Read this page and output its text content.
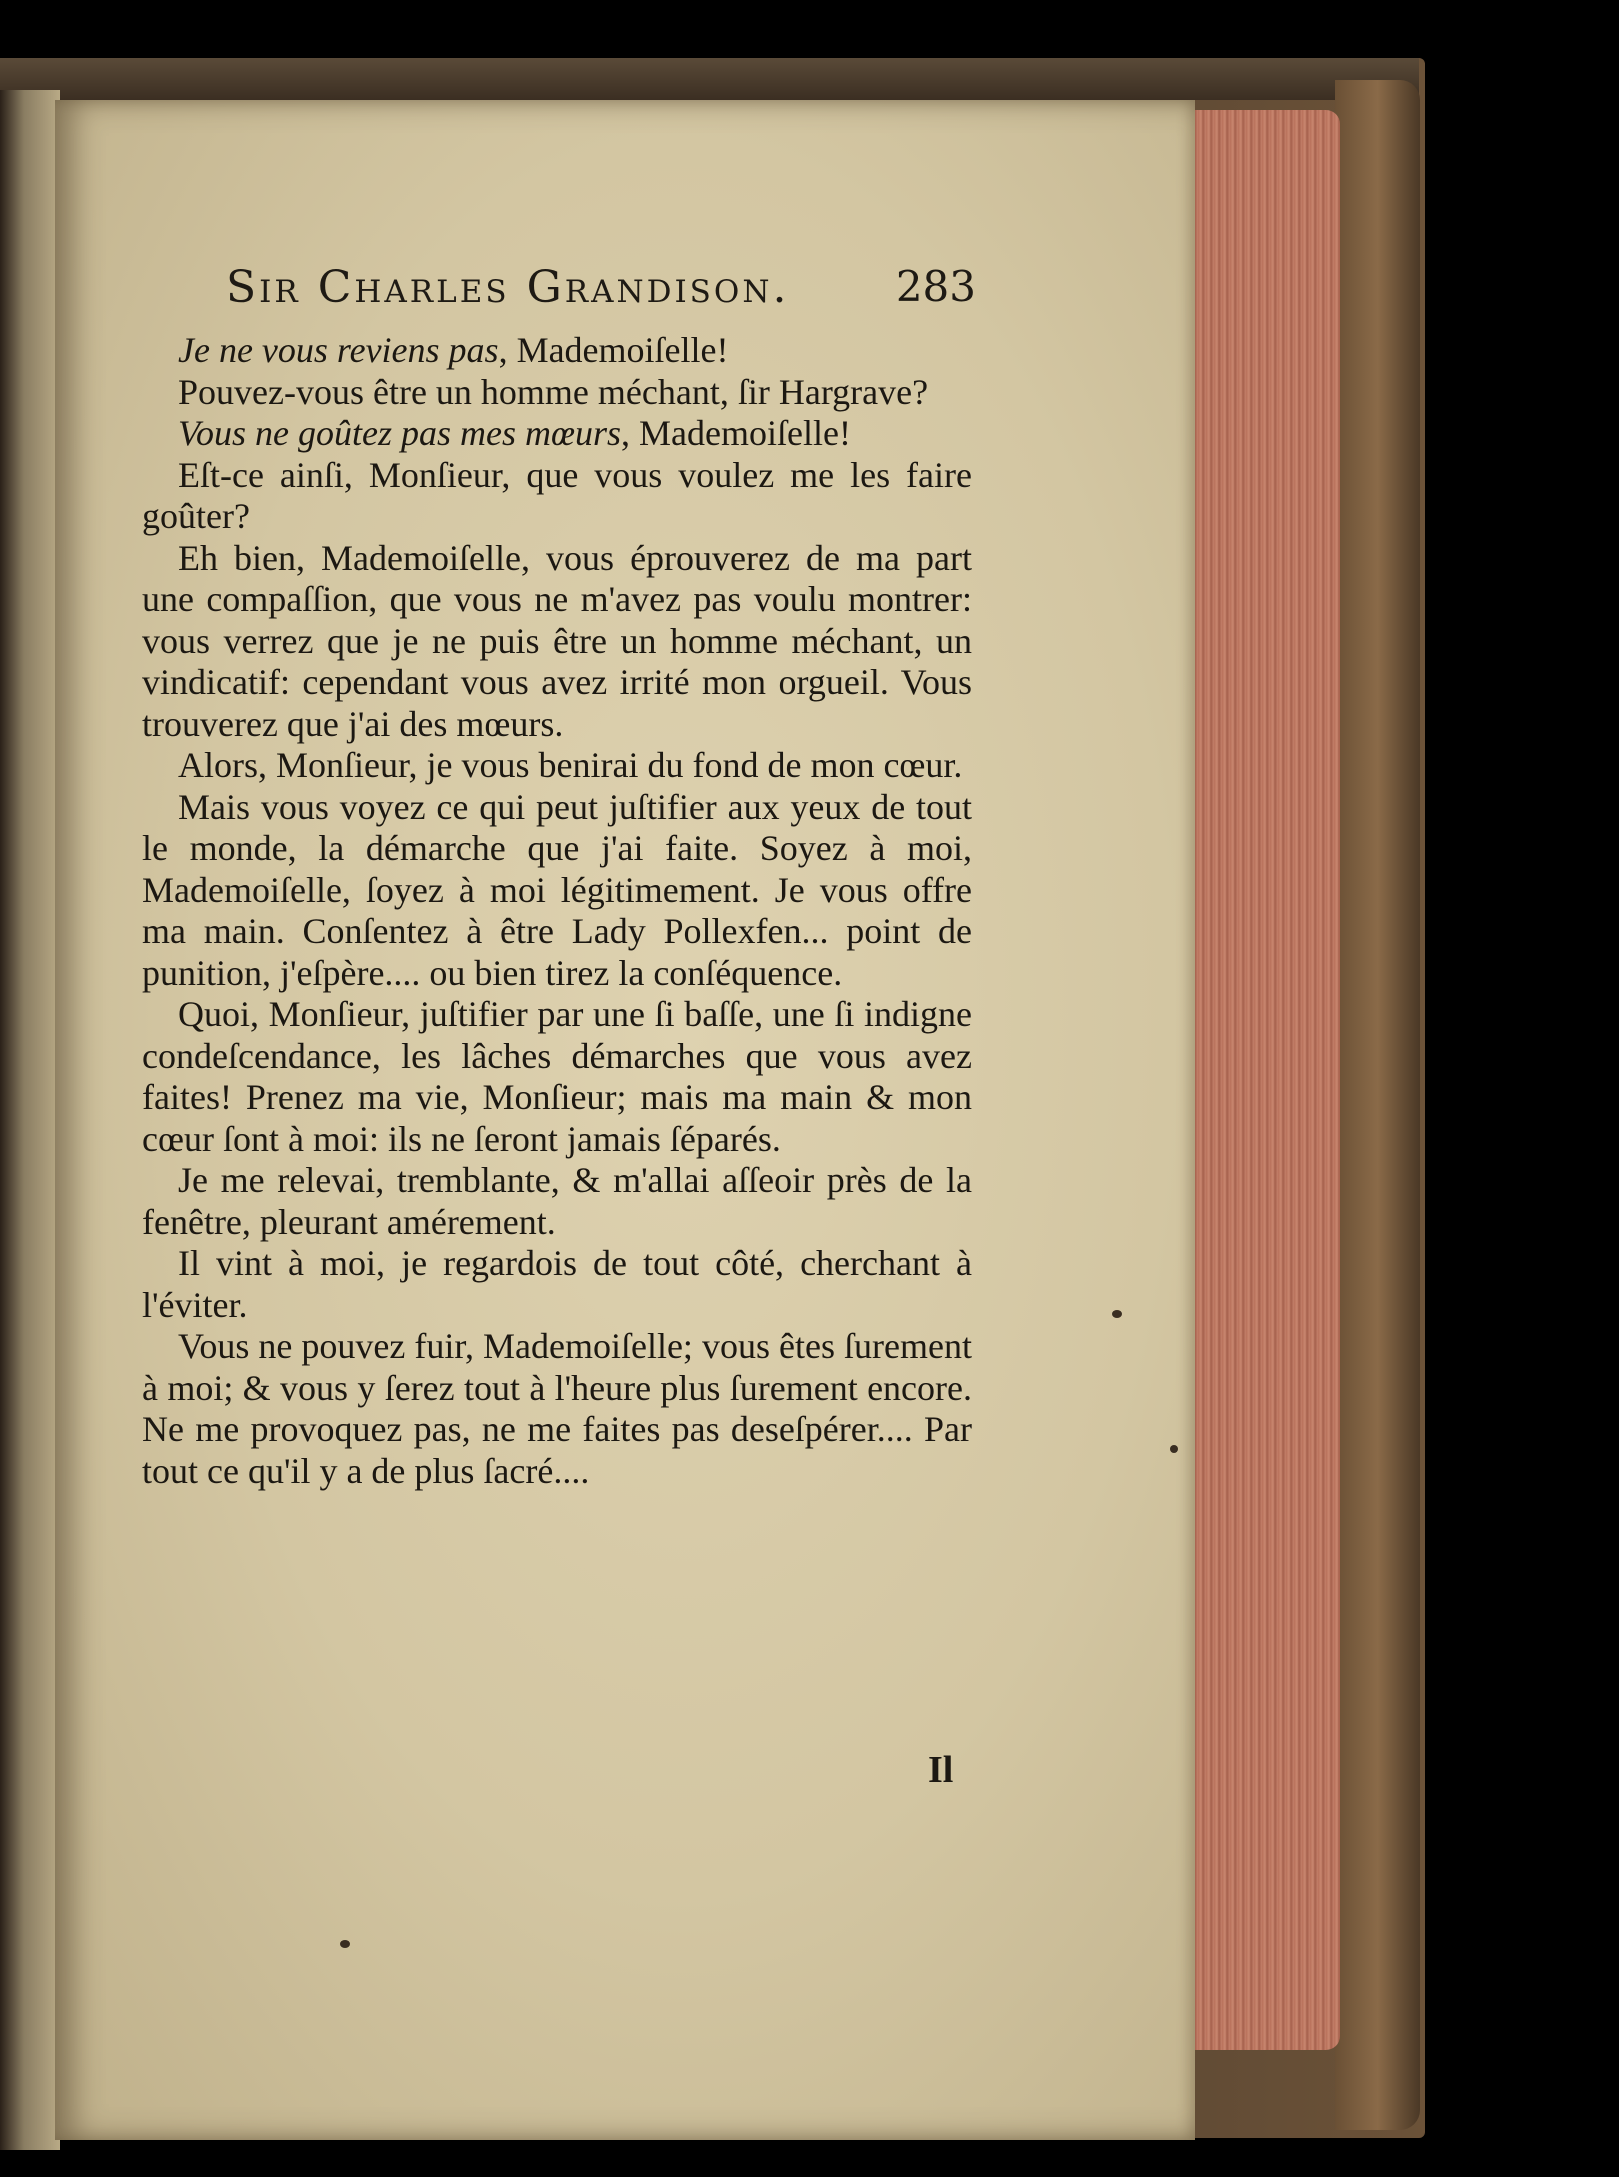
Sir Charles Grandison.	283

Je ne vous reviens pas, Mademoiſelle!

Pouvez-vous être un homme méchant, ſir Hargrave?

Vous ne goûtez pas mes mœurs, Mademoiſelle!

Eſt-ce ainſi, Monſieur, que vous voulez me les faire goûter?

Eh bien, Mademoiſelle, vous éprouverez de ma part une compaſſion, que vous ne m'avez pas voulu montrer: vous verrez que je ne puis être un homme méchant, un vindicatif: cependant vous avez irrité mon orgueil. Vous trouverez que j'ai des mœurs.

Alors, Monſieur, je vous benirai du fond de mon cœur.

Mais vous voyez ce qui peut juſtifier aux yeux de tout le monde, la démarche que j'ai faite. Soyez à moi, Mademoiſelle, ſoyez à moi légitimement. Je vous offre ma main. Conſentez à être Lady Pollexfen... point de punition, j'eſpère.... ou bien tirez la conſéquence.

Quoi, Monſieur, juſtifier par une ſi baſſe, une ſi indigne condeſcendance, les lâches démarches que vous avez faites! Prenez ma vie, Monſieur; mais ma main & mon cœur ſont à moi: ils ne ſeront jamais ſéparés.

Je me relevai, tremblante, & m'allai aſſeoir près de la fenêtre, pleurant amérement.

Il vint à moi, je regardois de tout côté, cherchant à l'éviter.

Vous ne pouvez fuir, Mademoiſelle; vous êtes ſurement à moi; & vous y ſerez tout à l'heure plus ſurement encore. Ne me provoquez pas, ne me faites pas deseſpérer.... Par tout ce qu'il y a de plus ſacré....

Il
